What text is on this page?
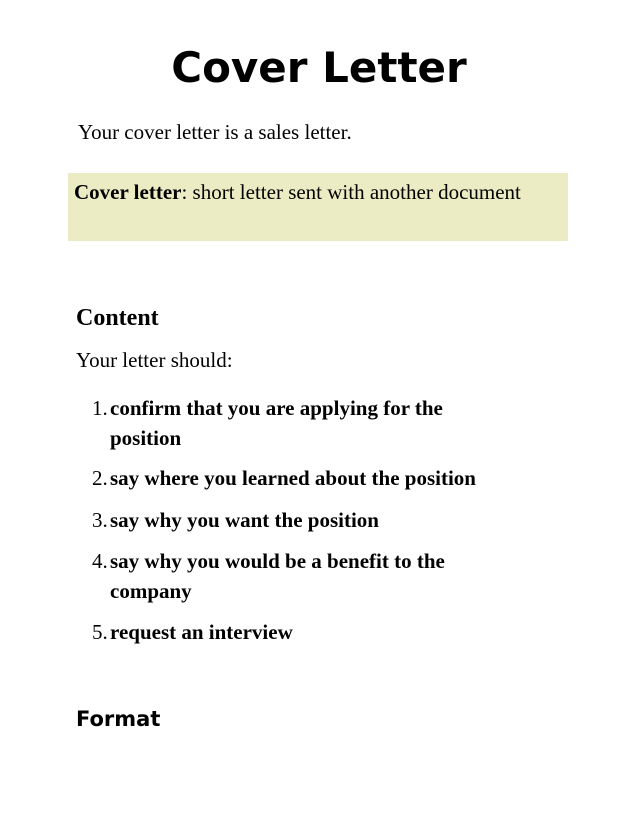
Cover Letter

Your cover letter is a sales letter.

Cover letter: short letter sent with another document
Content

Your letter should:

1. confirm that you are applying for the
position
2. say where you learned about the position
3. say why you want the position
4. say why you would be a benefit to the
company
5. request an interview
Format
